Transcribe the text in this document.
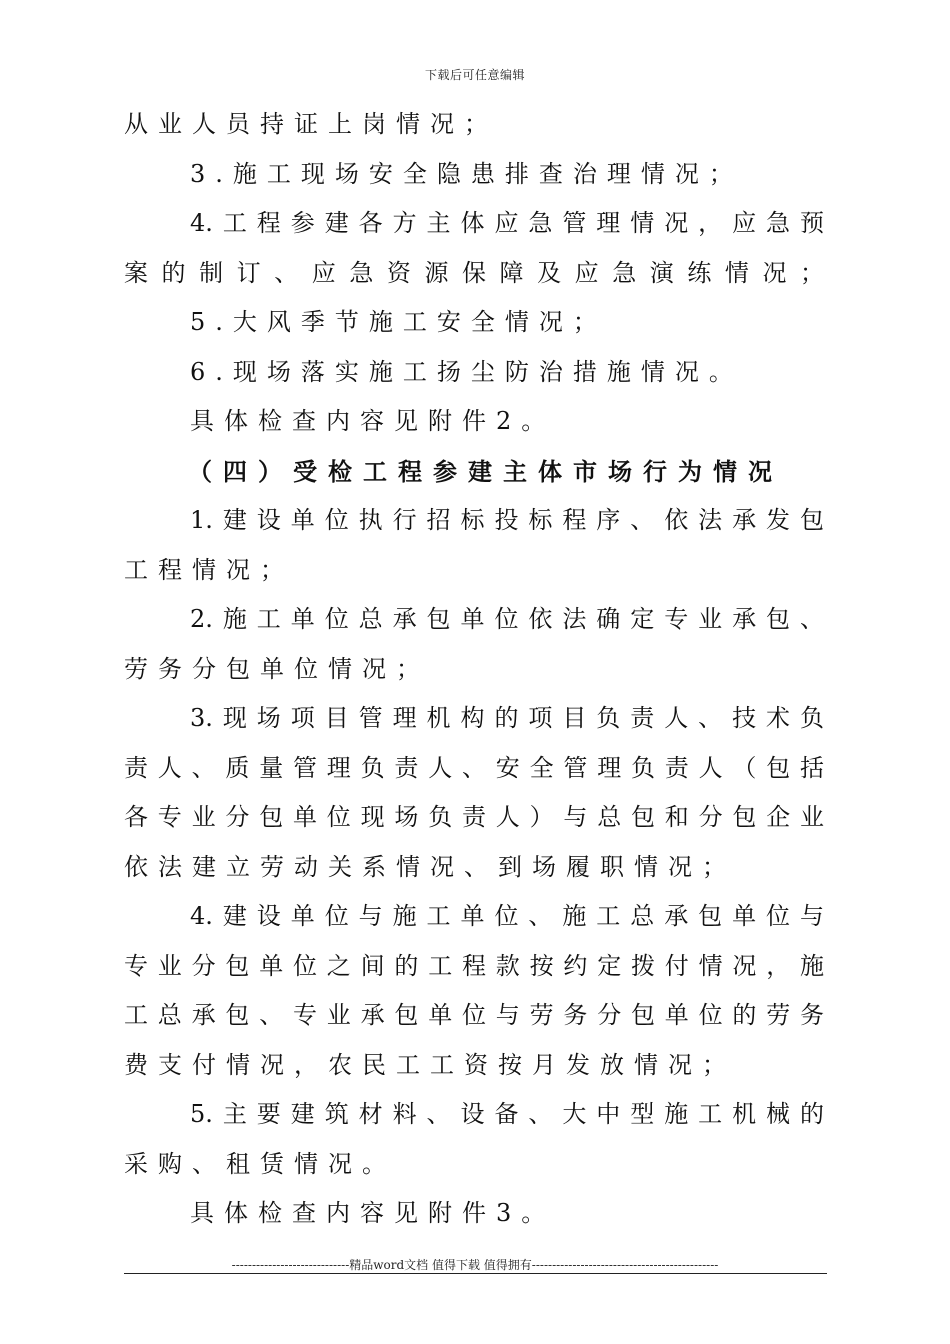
下载后可任意编辑
从业人员持证上岗情况；
3.施工现场安全隐患排查治理情况；
4.工程参建各方主体应急管理情况，应急预
案的制订、应急资源保障及应急演练情况；
5.大风季节施工安全情况；
6.现场落实施工扬尘防治措施情况。
具体检查内容见附件2。
（四）受检工程参建主体市场行为情况
1.建设单位执行招标投标程序、依法承发包
工程情况；
2.施工单位总承包单位依法确定专业承包、
劳务分包单位情况；
3.现场项目管理机构的项目负责人、技术负
责人、质量管理负责人、安全管理负责人（包括
各专业分包单位现场负责人）与总包和分包企业
依法建立劳动关系情况、到场履职情况；
4.建设单位与施工单位、施工总承包单位与
专业分包单位之间的工程款按约定拨付情况，施
工总承包、专业承包单位与劳务分包单位的劳务
费支付情况，农民工工资按月发放情况；
5.主要建筑材料、设备、大中型施工机械的
采购、租赁情况。
具体检查内容见附件3。
-----------------------------精品word文档 值得下载 值得拥有----------------------------------------------
